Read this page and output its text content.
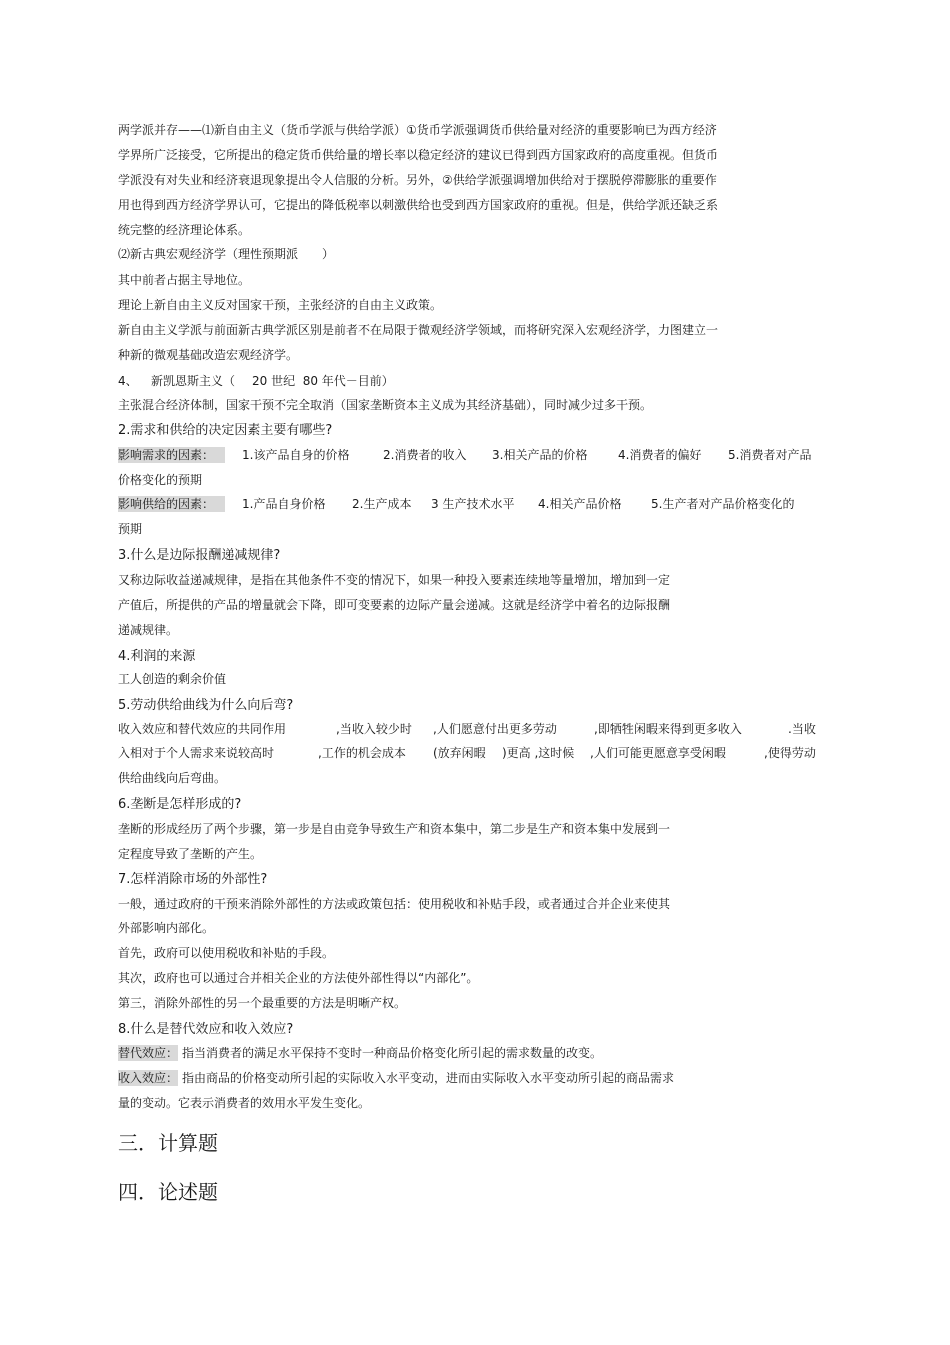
两学派并存——⑴新自由主义（货币学派与供给学派）①货币学派强调货币供给量对经济的重要影响已为西方经济
学界所广泛接受，它所提出的稳定货币供给量的增长率以稳定经济的建议已得到西方国家政府的高度重视。但货币
学派没有对失业和经济衰退现象提出令人信服的分析。另外，②供给学派强调增加供给对于摆脱停滞膨胀的重要作
用也得到西方经济学界认可，它提出的降低税率以刺激供给也受到西方国家政府的重视。但是，供给学派还缺乏系
统完整的经济理论体系。
⑵新古典宏观经济学（理性预期派　　）
其中前者占据主导地位。
理论上新自由主义反对国家干预，主张经济的自由主义政策。
新自由主义学派与前面新古典学派区别是前者不在局限于微观经济学领域，而将研究深入宏观经济学，力图建立一
种新的微观基础改造宏观经济学。

4、

新凯恩斯主义（

20 世纪  80 年代－目前）

主张混合经济体制，国家干预不完全取消（国家垄断资本主义成为其经济基础），同时减少过多干预。
2.需求和供给的决定因素主要有哪些?

影响需求的因素：

	1.该产品自身的价格

	2.消费者的收入

3.相关产品的价格

	4.消费者的偏好

5.消费者对产品

价格变化的预期

影响供给的因素：

	1.产品自身价格

2.生产成本

3 生产技术水平

4.相关产品价格

5.生产者对产品价格变化的

预期
3.什么是边际报酬递减规律?
又称边际收益递减规律，是指在其他条件不变的情况下，如果一种投入要素连续地等量增加，增加到一定
产值后，所提供的产品的增量就会下降，即可变要素的边际产量会递减。这就是经济学中着名的边际报酬
递减规律。
4.利润的来源
工人创造的剩余价值
5.劳动供给曲线为什么向后弯?

收入效应和替代效应的共同作用

	,当收入较少时

,人们愿意付出更多劳动

	,即牺牲闲暇来得到更多收入

	.当收

入相对于个人需求来说较高时

	,工作的机会成本

(放弃闲暇

)更高 ,这时候

,人们可能更愿意享受闲暇

	,使得劳动

供给曲线向后弯曲。
6.垄断是怎样形成的?
垄断的形成经历了两个步骤，第一步是自由竞争导致生产和资本集中，第二步是生产和资本集中发展到一
定程度导致了垄断的产生。
7.怎样消除市场的外部性?
一般，通过政府的干预来消除外部性的方法或政策包括：使用税收和补贴手段，或者通过合并企业来使其
外部影响内部化。
首先，政府可以使用税收和补贴的手段。
其次，政府也可以通过合并相关企业的方法使外部性得以“内部化”。
第三，消除外部性的另一个最重要的方法是明晰产权。
8.什么是替代效应和收入效应?

替代效应：

指当消费者的满足水平保持不变时一种商品价格变化所引起的需求数量的改变。

收入效应：

指由商品的价格变动所引起的实际收入水平变动，进而由实际收入水平变动所引起的商品需求

量的变动。它表示消费者的效用水平发生变化。
三．计算题
四．论述题
